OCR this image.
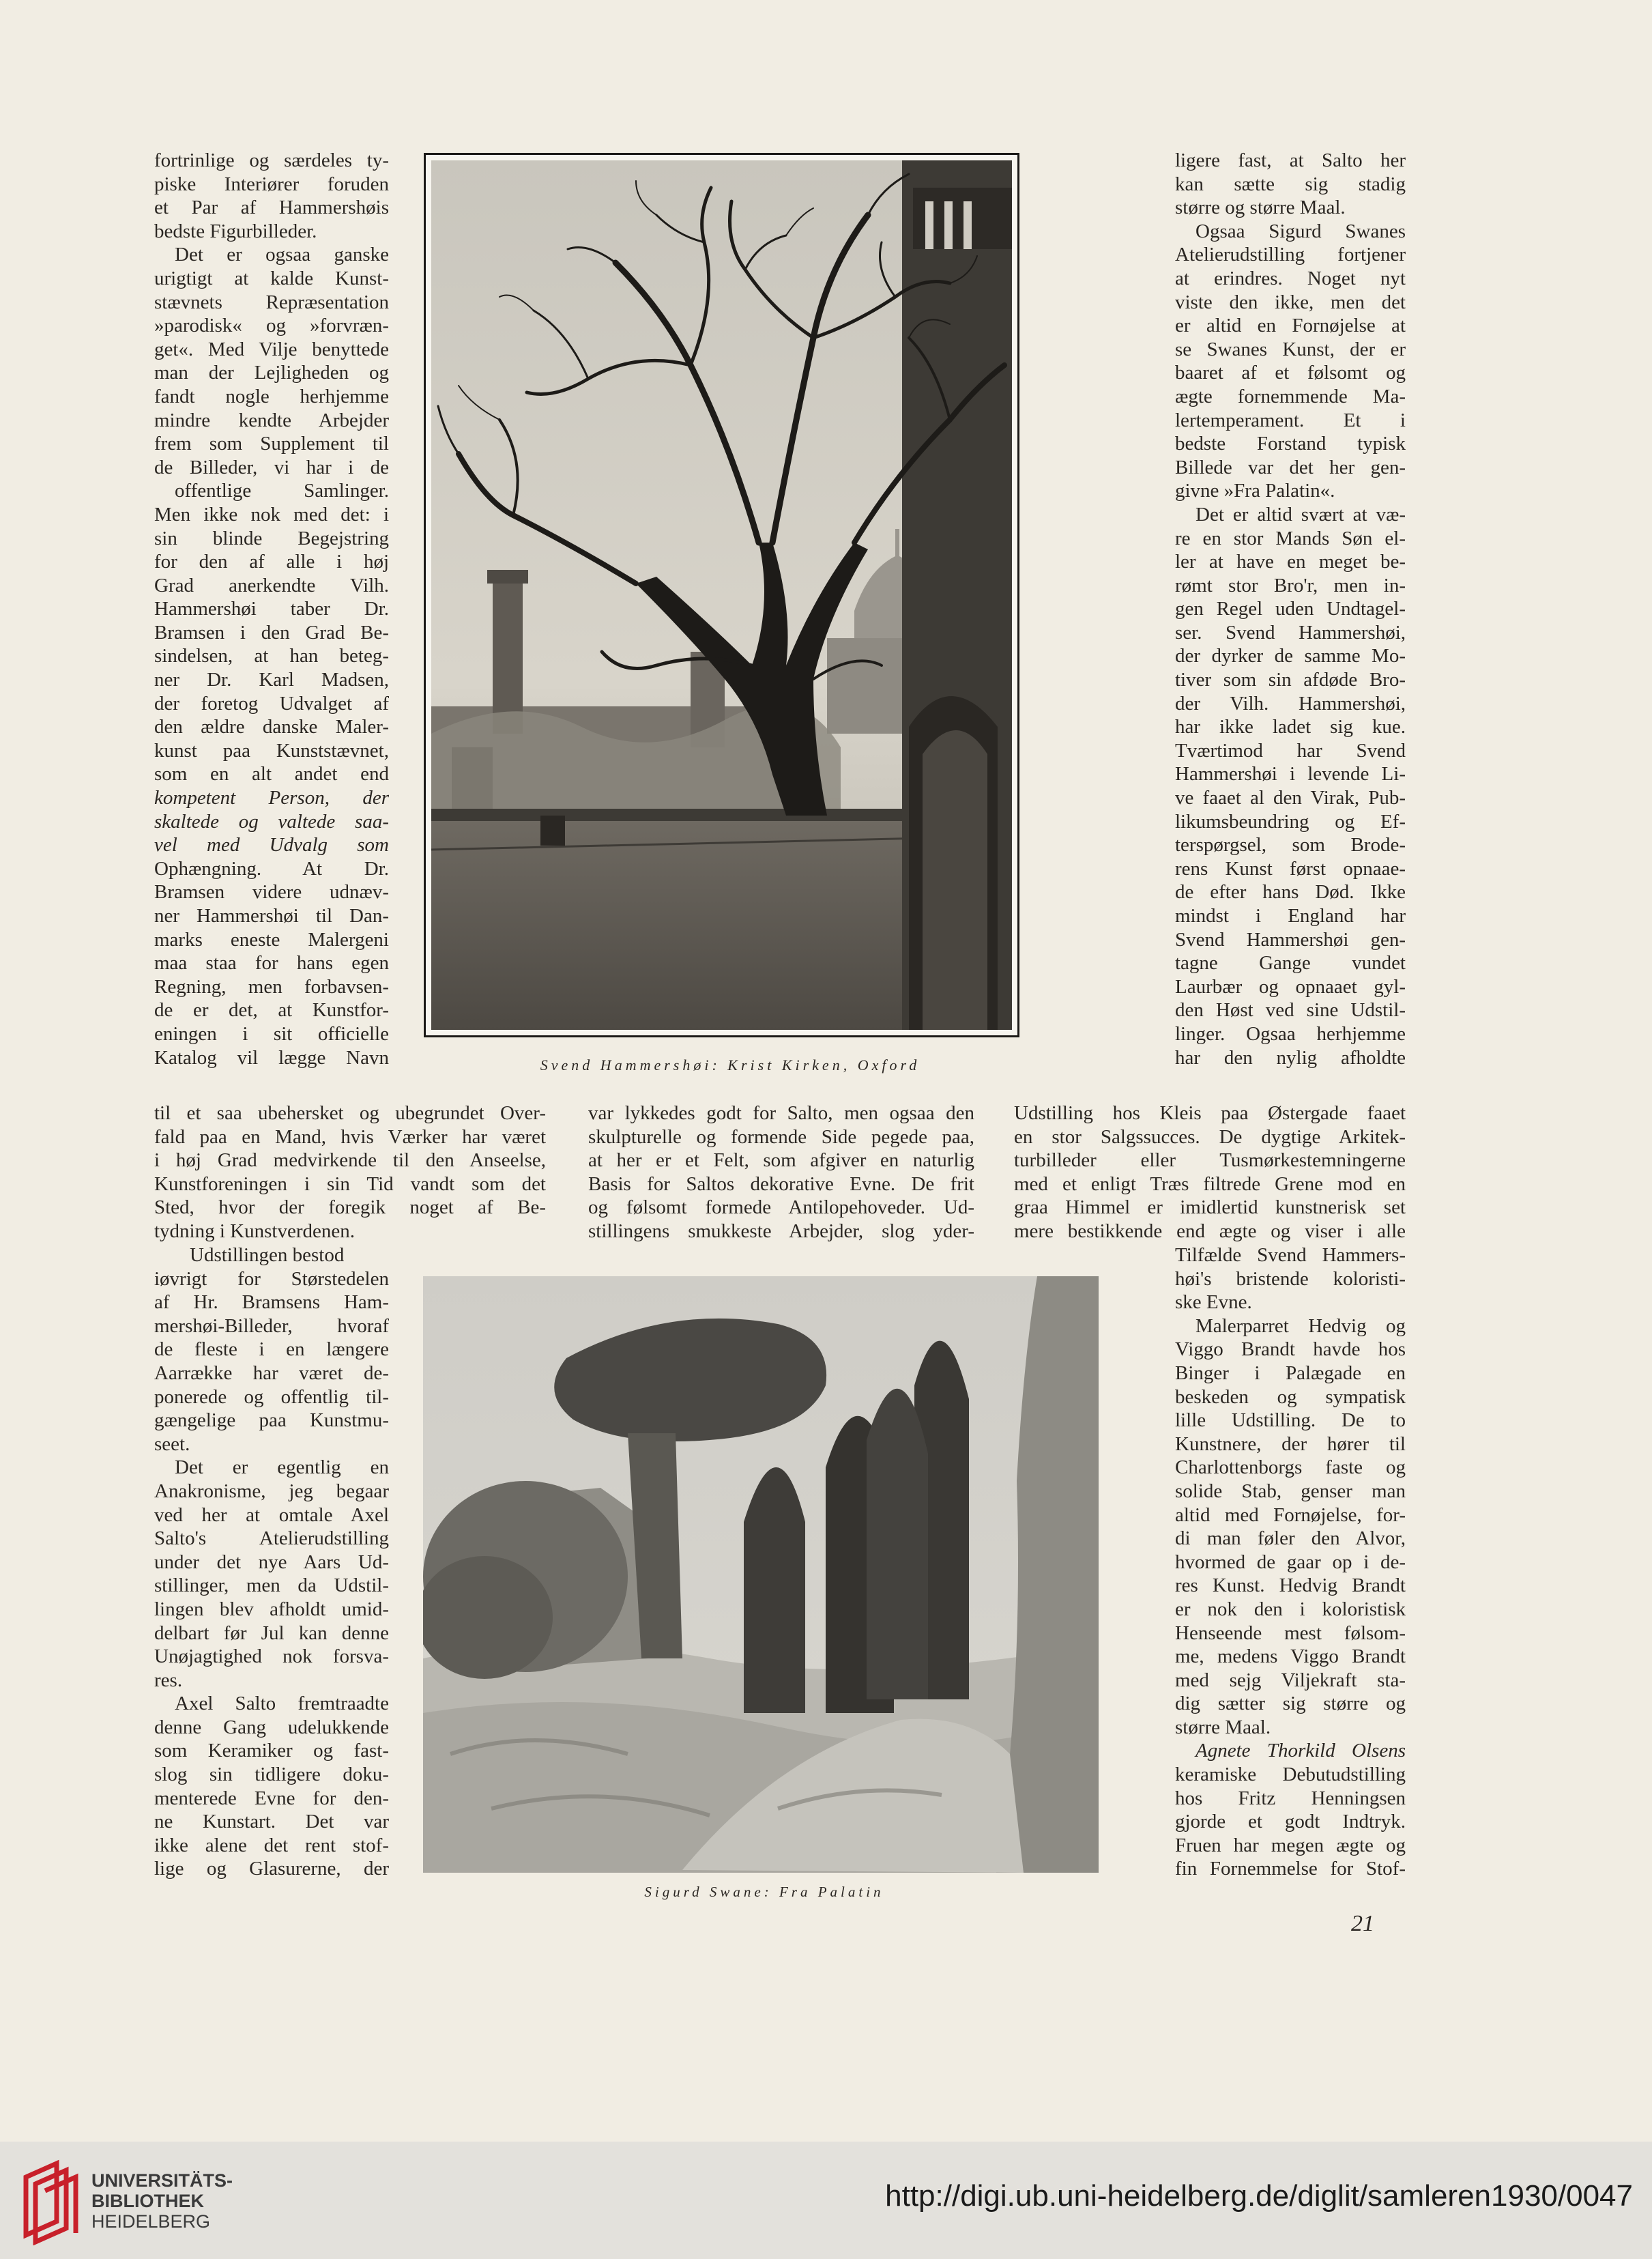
fortrinlige og særdeles ty-
piske Interiører foruden
et Par af Hammershøis
bedste Figurbilleder.
Det er ogsaa ganske
urigtigt at kalde Kunst-
stævnets Repræsentation
»parodisk« og »forvræn-
get«. Med Vilje benyttede
man der Lejligheden og
fandt nogle herhjemme
mindre kendte Arbejder
frem som Supplement til
de Billeder, vi har i de
offentlige Samlinger.
Men ikke nok med det: i
sin blinde Begejstring
for den af alle i høj
Grad anerkendte Vilh.
Hammershøi taber Dr.
Bramsen i den Grad Be-
sindelsen, at han beteg-
ner Dr. Karl Madsen,
der foretog Udvalget af
den ældre danske Maler-
kunst paa Kunststævnet,
som en alt andet end
kompetent Person, der
skaltede og valtede saa-
vel med Udvalg som
Ophængning. At Dr.
Bramsen videre udnæv-
ner Hammershøi til Dan-
marks eneste Malergeni
maa staa for hans egen
Regning, men forbavsen-
de er det, at Kunstfor-
eningen i sit officielle
Katalog vil lægge Navn	Svend Hammershøi: Krist Kirken, Oxford
ligere fast, at Salto her
kan sætte sig stadig
større og større Maal.
Ogsaa Sigurd Swanes
Atelierudstilling fortjener
at erindres. Noget nyt
viste den ikke, men det
er altid en Fornøjelse at
se Swanes Kunst, der er
baaret af et følsomt og
ægte fornemmende Ma-
lertemperament. Et i
bedste Forstand typisk
Billede var det her gen-
givne »Fra Palatin«.
Det er altid svært at væ-
re en stor Mands Søn el-
ler at have en meget be-
rømt stor Bro'r, men in-
gen Regel uden Undtagel-
ser. Svend Hammershøi,
der dyrker de samme Mo-
tiver som sin afdøde Bro-
der Vilh. Hammershøi,
har ikke ladet sig kue.
Tværtimod har Svend
Hammershøi i levende Li-
ve faaet al den Virak, Pub-
likumsbeundring og Ef-
terspørgsel, som Brode-
rens Kunst først opnaae-
de efter hans Død. Ikke
mindst i England har
Svend Hammershøi gen-
tagne Gange vundet
Laurbær og opnaaet gyl-
den Høst ved sine Udstil-
linger. Ogsaa herhjemme
har den nylig afholdte
til et saa ubehersket og ubegrundet Over-
fald paa en Mand, hvis Værker har været
i høj Grad medvirkende til den Anseelse,
Kunstforeningen i sin Tid vandt som det
Sted, hvor der foregik noget af Be-
tydning i Kunstverdenen.
var lykkedes godt for Salto, men ogsaa den
skulpturelle og formende Side pegede paa,
at her er et Felt, som afgiver en naturlig
Basis for Saltos dekorative Evne. De frit
og følsomt formede Antilopehoveder. Ud-
stillingens smukkeste Arbejder, slog yder-
Udstilling hos Kleis paa Østergade faaet
en stor Salgssucces. De dygtige Arkitek-
turbilleder eller Tusmørkestemningerne
med et enligt Træs filtrede Grene mod en
graa Himmel er imidlertid kunstnerisk set
mere bestikkende end ægte og viser i alle
Udstillingen bestod
iøvrigt for Størstedelen
af Hr. Bramsens Ham-
mershøi-Billeder, hvoraf
de fleste i en længere
Aarrække har været de-
ponerede og offentlig til-
gængelige paa Kunstmu-
seet.
Det er egentlig en
Anakronisme, jeg begaar
ved her at omtale Axel
Salto's Atelierudstilling
under det nye Aars Ud-
stillinger, men da Udstil-
lingen blev afholdt umid-
delbart før Jul kan denne
Unøjagtighed nok forsva-
res.
Axel Salto fremtraadte
denne Gang udelukkende
som Keramiker og fast-
slog sin tidligere doku-
menterede Evne for den-
ne Kunstart. Det var
ikke alene det rent stof-
lige og Glasurerne, der
Sigurd Swane: Fra Palatin
Tilfælde Svend Hammers-
høi's bristende koloristi-
ske Evne.
Malerparret Hedvig og
Viggo Brandt havde hos
Binger i Palægade en
beskeden og sympatisk
lille Udstilling. De to
Kunstnere, der hører til
Charlottenborgs faste og
solide Stab, genser man
altid med Fornøjelse, for-
di man føler den Alvor,
hvormed de gaar op i de-
res Kunst. Hedvig Brandt
er nok den i koloristisk
Henseende mest følsom-
me, medens Viggo Brandt
med sejg Viljekraft sta-
dig sætter sig større og
større Maal.
Agnete Thorkild Olsens
keramiske Debutudstilling
hos Fritz Henningsen
gjorde et godt Indtryk.
Fruen har megen ægte og
fin Fornemmelse for Stof-
21
UNIVERSITÄTS-
BIBLIOTHEK
HEIDELBERG
http://digi.ub.uni-heidelberg.de/diglit/samleren1930/0047
